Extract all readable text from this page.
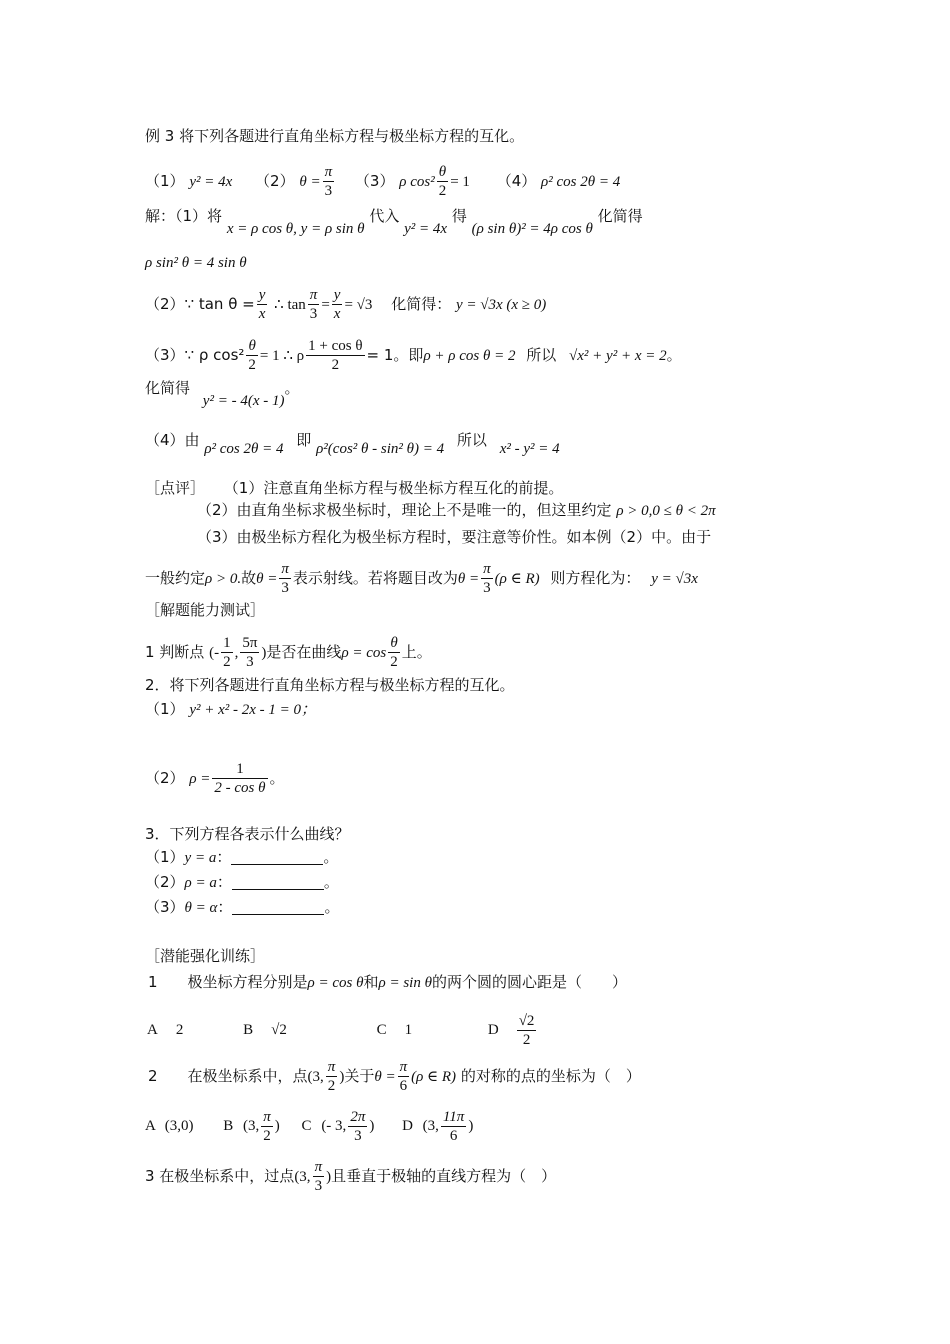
例 3 将下列各题进行直角坐标方程与极坐标方程的互化。
（1） y² = 4x （2） $\theta = \frac{\pi}{3} (3)$ ρ $\cos^2 \frac{\theta}{2} = 1$ （4） ρ² cos 2θ = 4
解：（1）将 x = ρ cos θ, y = ρ sin θ 代入 y² = 4x 得 (ρ sin θ)² = 4ρ cos θ 化简得
ρ sin² θ = 4 sin θ
（2）∵ $\tan \theta = \frac{y}{x}$ ∴ $\tan \frac{\pi}{3} = \frac{y}{x} = √3$ 化简得： y = √3x (x ≥ 0)
（3）∵ ρ $\cos^2 \frac{\theta}{2} = 1$ ∴ ρ $\frac{\text{1 + cos θ}}{2} = 1$。即ρ + ρ cos θ = 2 所以 √x² + y² + x = 2。
化简得 y² = - 4(x - 1)。
（4）由 ρ² cos 2θ = 4 即 ρ²(cos² θ - sin² θ) = 4 所以 x² - y² = 4
［点评］ （1）注意直角坐标方程与极坐标方程互化的前提。
（2）由直角坐标求极坐标时，理论上不是唯一的，但这里约定 ρ > 0,0 ≤ θ < 2π
（3）由极坐标方程化为极坐标方程时，要注意等价性。如本例（2）中。由于
一般约定ρ > 0.故$\theta = \frac{\pi}{3}$ 表示射线。若将题目改为$\theta = \frac{\pi}{3} (\rho$ ∈ R) 则方程化为： y = √3x
［解题能力测试］
1 判断点 (- $\frac{1}{2}$ , $\frac{5\pi}{3}$ )是否在曲线$\rho = \cos \frac{\theta}{2}$ 上。
2．将下列各题进行直角坐标方程与极坐标方程的互化。
（1） y² + x² - 2x - 1 = 0；
（2） $\rho = \frac{1}{\text{2 - cos θ}}$ 。
3．下列方程各表示什么曲线？
（1）y = a：	。
（2）ρ = a：	。
（3）θ = α：	。
［潜能强化训练］
1　　极坐标方程分别是ρ = cos θ和ρ = sin θ的两个圆的圆心距是（　　）
A 2	B √2	C 1	D $\frac{√2}{2}$
2　　在极坐标系中，点(3, $\frac{\pi}{2}$ )关于$\theta = \frac{\pi}{6} (\rho$ ∈ R) 的对称的点的坐标为（　）
A (3,0) B (3, $\frac{\pi}{2}$ ) C (- 3, $\frac{2\pi}{3}$ ) D (3, $\frac{11\pi}{6}$ )
3 在极坐标系中，过点(3, $\frac{\pi}{3}$ )且垂直于极轴的直线方程为（　）
